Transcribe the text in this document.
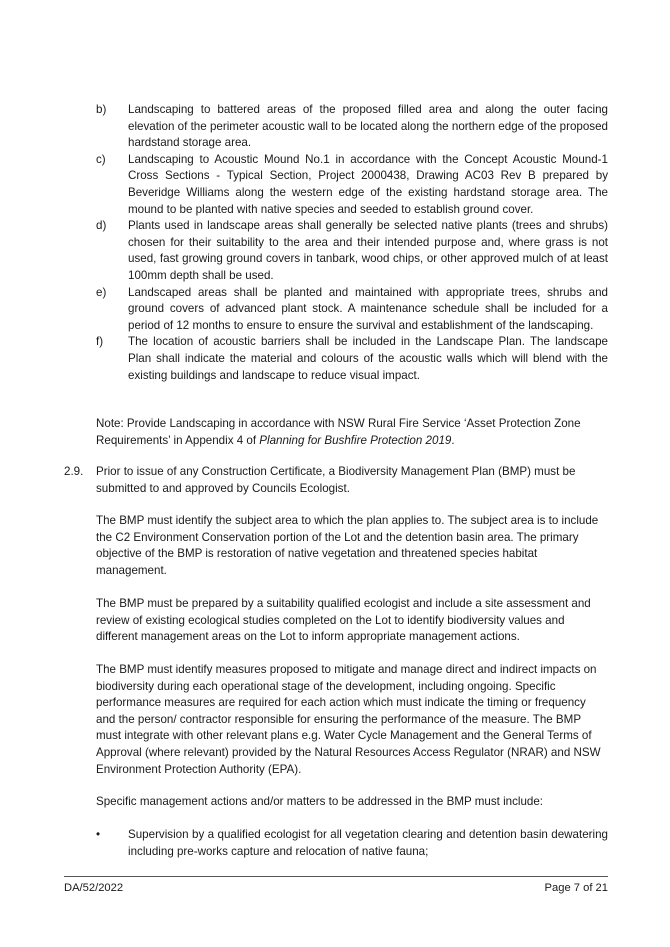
b)	Landscaping to battered areas of the proposed filled area and along the outer facing elevation of the perimeter acoustic wall to be located along the northern edge of the proposed hardstand storage area.
c)	Landscaping to Acoustic Mound No.1 in accordance with the Concept Acoustic Mound-1 Cross Sections - Typical Section, Project 2000438, Drawing AC03 Rev B prepared by Beveridge Williams along the western edge of the existing hardstand storage area. The mound to be planted with native species and seeded to establish ground cover.
d)	Plants used in landscape areas shall generally be selected native plants (trees and shrubs) chosen for their suitability to the area and their intended purpose and, where grass is not used, fast growing ground covers in tanbark, wood chips, or other approved mulch of at least 100mm depth shall be used.
e)	Landscaped areas shall be planted and maintained with appropriate trees, shrubs and ground covers of advanced plant stock. A maintenance schedule shall be included for a period of 12 months to ensure to ensure the survival and establishment of the landscaping.
f)	The location of acoustic barriers shall be included in the Landscape Plan. The landscape Plan shall indicate the material and colours of the acoustic walls which will blend with the existing buildings and landscape to reduce visual impact.

Note: Provide Landscaping in accordance with NSW Rural Fire Service ‘Asset Protection Zone Requirements’ in Appendix 4 of Planning for Bushfire Protection 2019.

2.9. Prior to issue of any Construction Certificate, a Biodiversity Management Plan (BMP) must be submitted to and approved by Councils Ecologist.

The BMP must identify the subject area to which the plan applies to. The subject area is to include the C2 Environment Conservation portion of the Lot and the detention basin area. The primary objective of the BMP is restoration of native vegetation and threatened species habitat management.

The BMP must be prepared by a suitability qualified ecologist and include a site assessment and review of existing ecological studies completed on the Lot to identify biodiversity values and different management areas on the Lot to inform appropriate management actions.

The BMP must identify measures proposed to mitigate and manage direct and indirect impacts on biodiversity during each operational stage of the development, including ongoing. Specific performance measures are required for each action which must indicate the timing or frequency and the person/ contractor responsible for ensuring the performance of the measure. The BMP must integrate with other relevant plans e.g. Water Cycle Management and the General Terms of Approval (where relevant) provided by the Natural Resources Access Regulator (NRAR) and NSW Environment Protection Authority (EPA).

Specific management actions and/or matters to be addressed in the BMP must include:

•	Supervision by a qualified ecologist for all vegetation clearing and detention basin dewatering including pre-works capture and relocation of native fauna;
DA/52/2022	Page 7 of 21
